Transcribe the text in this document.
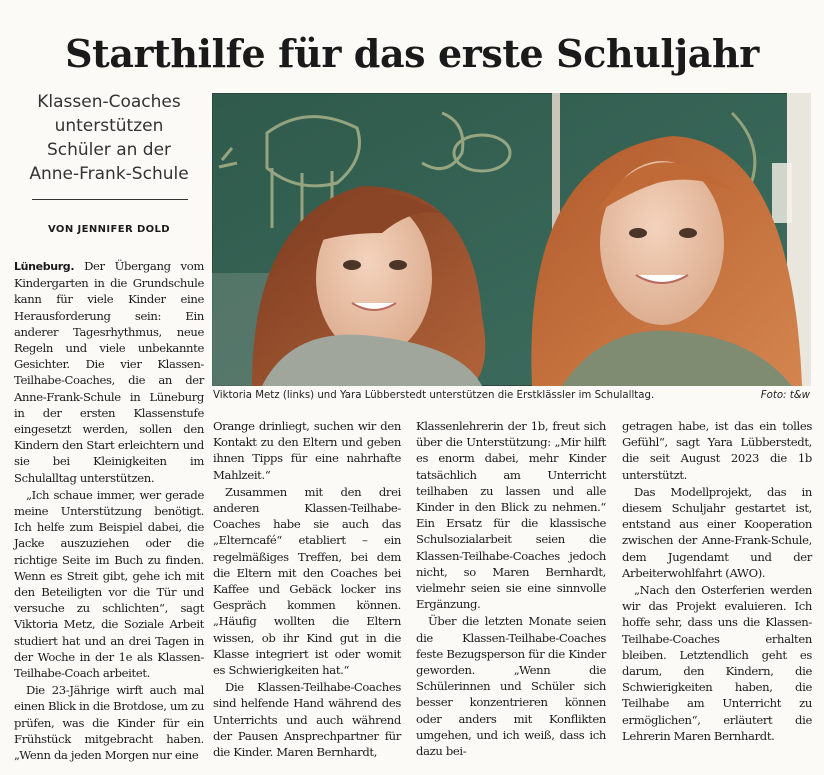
Starthilfe für das erste Schuljahr
Klassen-Coaches
unterstützen
Schüler an der
Anne-Frank-Schule
VON JENNIFER DOLD
Viktoria Metz (links) und Yara Lübberstedt unterstützen die Erstklässler im Schulalltag.	Foto: t&w

Lüneburg. Der Übergang vom Kindergarten in die Grundschule kann für viele Kinder eine Herausforderung sein: Ein anderer Tagesrhythmus, neue Regeln und viele unbekannte Gesichter. Die vier Klassen-Teilhabe-Coaches, die an der Anne-Frank-Schule in Lüneburg in der ersten Klassenstufe eingesetzt werden, sollen den Kindern den Start erleichtern und sie bei Kleinigkeiten im Schulalltag unterstützen.

„Ich schaue immer, wer gerade meine Unterstützung benötigt. Ich helfe zum Beispiel dabei, die Jacke auszuziehen oder die richtige Seite im Buch zu finden. Wenn es Streit gibt, gehe ich mit den Beteiligten vor die Tür und versuche zu schlichten“, sagt Viktoria Metz, die Soziale Arbeit studiert hat und an drei Tagen in der Woche in der 1e als Klassen-Teilhabe-Coach arbeitet.

Die 23-Jährige wirft auch mal einen Blick in die Brotdose, um zu prüfen, was die Kinder für ein Frühstück mitgebracht haben. „Wenn da jeden Morgen nur eine

Orange drinliegt, suchen wir den Kontakt zu den Eltern und geben ihnen Tipps für eine nahrhafte Mahlzeit.“

Zusammen mit den drei anderen Klassen-Teilhabe-Coaches habe sie auch das „Elterncafé“ etabliert – ein regelmäßiges Treffen, bei dem die Eltern mit den Coaches bei Kaffee und Gebäck locker ins Gespräch kommen können. „Häufig wollten die Eltern wissen, ob ihr Kind gut in die Klasse integriert ist oder womit es Schwierigkeiten hat.“

Die Klassen-Teilhabe-Coaches sind helfende Hand während des Unterrichts und auch während der Pausen Ansprechpartner für die Kinder. Maren Bernhardt,

Klassenlehrerin der 1b, freut sich über die Unterstützung: „Mir hilft es enorm dabei, mehr Kinder tatsächlich am Unterricht teilhaben zu lassen und alle Kinder in den Blick zu nehmen.“ Ein Ersatz für die klassische Schulsozialarbeit seien die Klassen-Teilhabe-Coaches jedoch nicht, so Maren Bernhardt, vielmehr seien sie eine sinnvolle Ergänzung.

Über die letzten Monate seien die Klassen-Teilhabe-Coaches feste Bezugsperson für die Kinder geworden. „Wenn die Schülerinnen und Schüler sich besser konzentrieren können oder anders mit Konflikten umgehen, und ich weiß, dass ich dazu bei-

getragen habe, ist das ein tolles Gefühl“, sagt Yara Lübberstedt, die seit August 2023 die 1b unterstützt.

Das Modellprojekt, das in diesem Schuljahr gestartet ist, entstand aus einer Kooperation zwischen der Anne-Frank-Schule, dem Jugendamt und der Arbeiterwohlfahrt (AWO).

„Nach den Osterferien werden wir das Projekt evaluieren. Ich hoffe sehr, dass uns die Klassen-Teilhabe-Coaches erhalten bleiben. Letztendlich geht es darum, den Kindern, die Schwierigkeiten haben, die Teilhabe am Unterricht zu ermöglichen“, erläutert die Lehrerin Maren Bernhardt.
